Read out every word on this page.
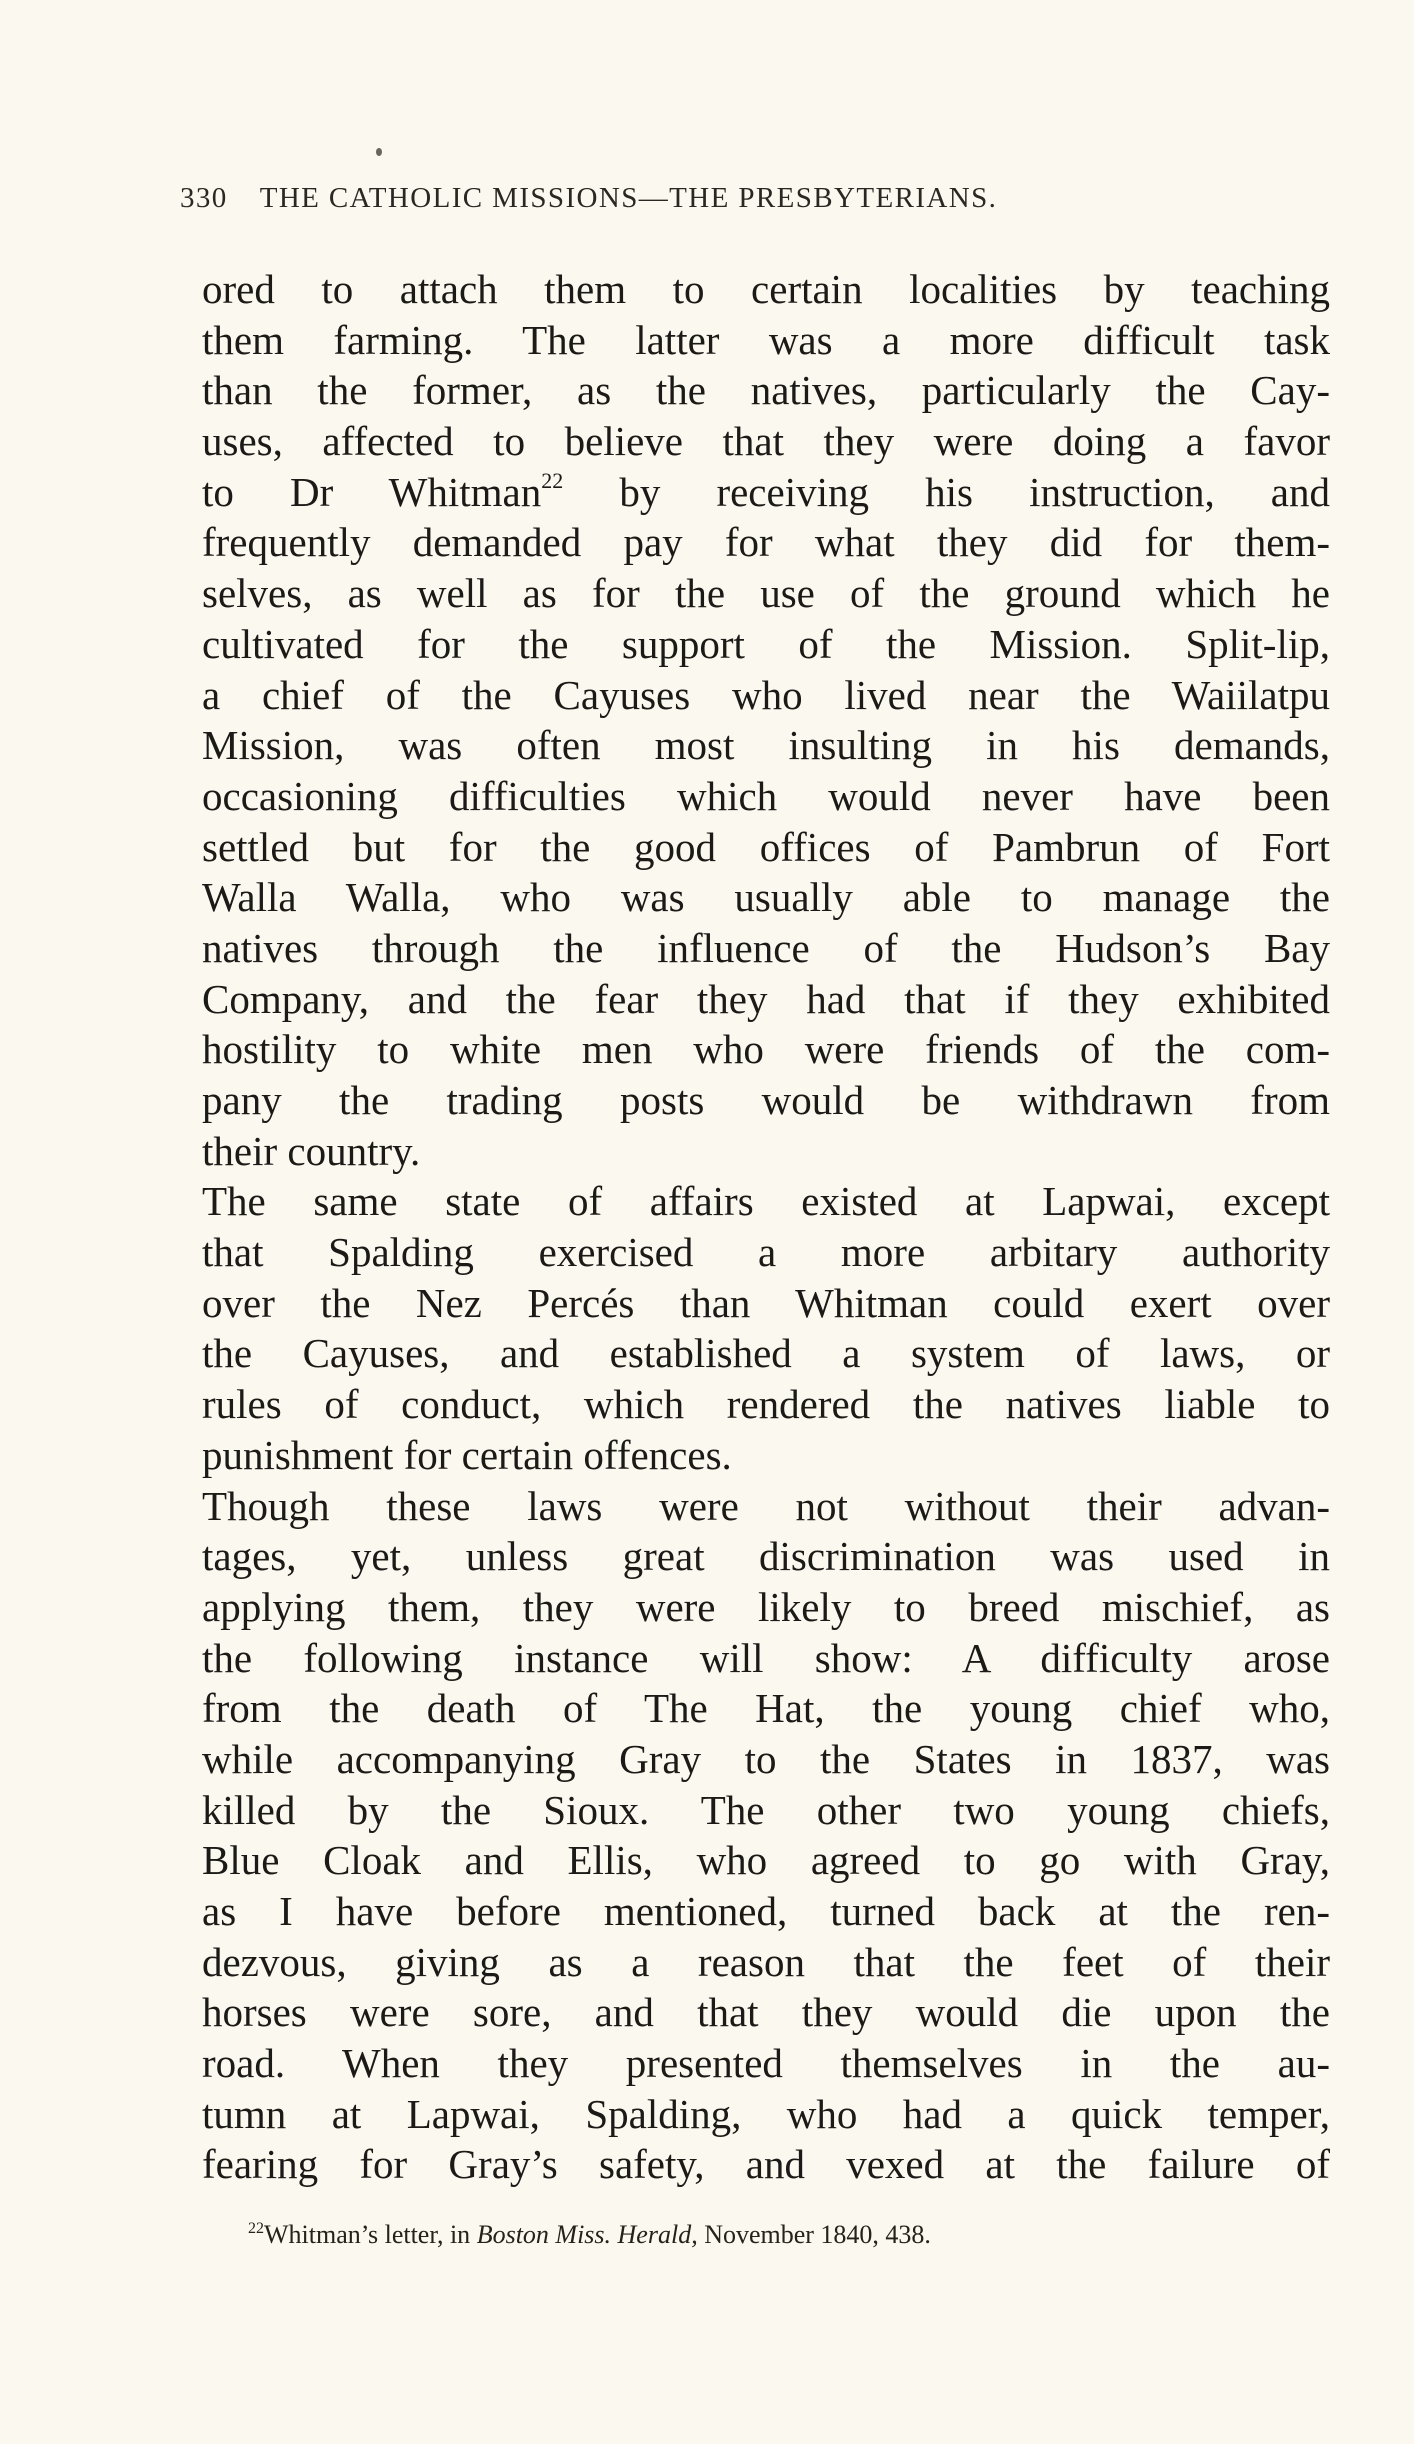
330 THE CATHOLIC MISSIONS—THE PRESBYTERIANS.
ored to attach them to certain localities by teaching
them farming. The latter was a more difficult task
than the former, as the natives, particularly the Cay-
uses, affected to believe that they were doing a favor
to Dr Whitman$^{22}$ by receiving his instruction, and
frequently demanded pay for what they did for them-
selves, as well as for the use of the ground which he
cultivated for the support of the Mission. Split-lip,
a chief of the Cayuses who lived near the Waiilatpu
Mission, was often most insulting in his demands,
occasioning difficulties which would never have been
settled but for the good offices of Pambrun of Fort
Walla Walla, who was usually able to manage the
natives through the influence of the Hudson’s Bay
Company, and the fear they had that if they exhibited
hostility to white men who were friends of the com-
pany the trading posts would be withdrawn from
their country.
The same state of affairs existed at Lapwai, except
that Spalding exercised a more arbitary authority
over the Nez Percés than Whitman could exert over
the Cayuses, and established a system of laws, or
rules of conduct, which rendered the natives liable to
punishment for certain offences.
Though these laws were not without their advan-
tages, yet, unless great discrimination was used in
applying them, they were likely to breed mischief, as
the following instance will show: A difficulty arose
from the death of The Hat, the young chief who,
while accompanying Gray to the States in 1837, was
killed by the Sioux. The other two young chiefs,
Blue Cloak and Ellis, who agreed to go with Gray,
as I have before mentioned, turned back at the ren-
dezvous, giving as a reason that the feet of their
horses were sore, and that they would die upon the
road. When they presented themselves in the au-
tumn at Lapwai, Spalding, who had a quick temper,
fearing for Gray’s safety, and vexed at the failure of
$^{22}$Whitman’s letter, in Boston Miss. Herald, November 1840, 438.
